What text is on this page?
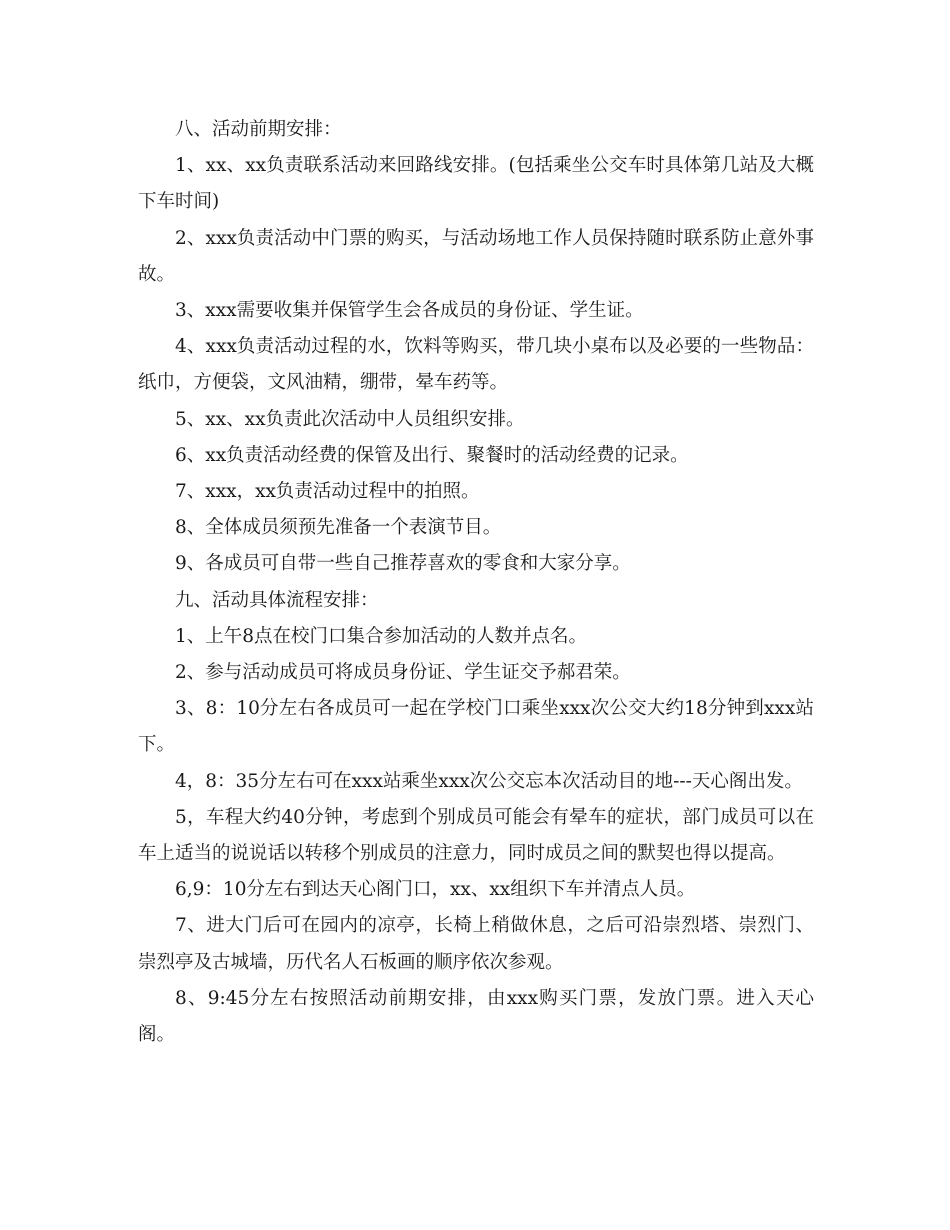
八、活动前期安排：

1、xx、xx负责联系活动来回路线安排。(包括乘坐公交车时具体第几站及大概下车时间)

2、xxx负责活动中门票的购买，与活动场地工作人员保持随时联系防止意外事故。

3、xxx需要收集并保管学生会各成员的身份证、学生证。

4、xxx负责活动过程的水，饮料等购买，带几块小桌布以及必要的一些物品：纸巾，方便袋，文风油精，绷带，晕车药等。

5、xx、xx负责此次活动中人员组织安排。

6、xx负责活动经费的保管及出行、聚餐时的活动经费的记录。

7、xxx，xx负责活动过程中的拍照。

8、全体成员须预先准备一个表演节目。

9、各成员可自带一些自己推荐喜欢的零食和大家分享。

九、活动具体流程安排：

1、上午8点在校门口集合参加活动的人数并点名。

2、参与活动成员可将成员身份证、学生证交予郝君荣。

3、8：10分左右各成员可一起在学校门口乘坐xxx次公交大约18分钟到xxx站下。

4，8：35分左右可在xxx站乘坐xxx次公交忘本次活动目的地---天心阁出发。

5，车程大约40分钟，考虑到个别成员可能会有晕车的症状，部门成员可以在车上适当的说说话以转移个别成员的注意力，同时成员之间的默契也得以提高。

6,9：10分左右到达天心阁门口，xx、xx组织下车并清点人员。

7、进大门后可在园内的凉亭，长椅上稍做休息，之后可沿崇烈塔、崇烈门、崇烈亭及古城墙，历代名人石板画的顺序依次参观。

8、9:45分左右按照活动前期安排，由xxx购买门票，发放门票。进入天心阁。
